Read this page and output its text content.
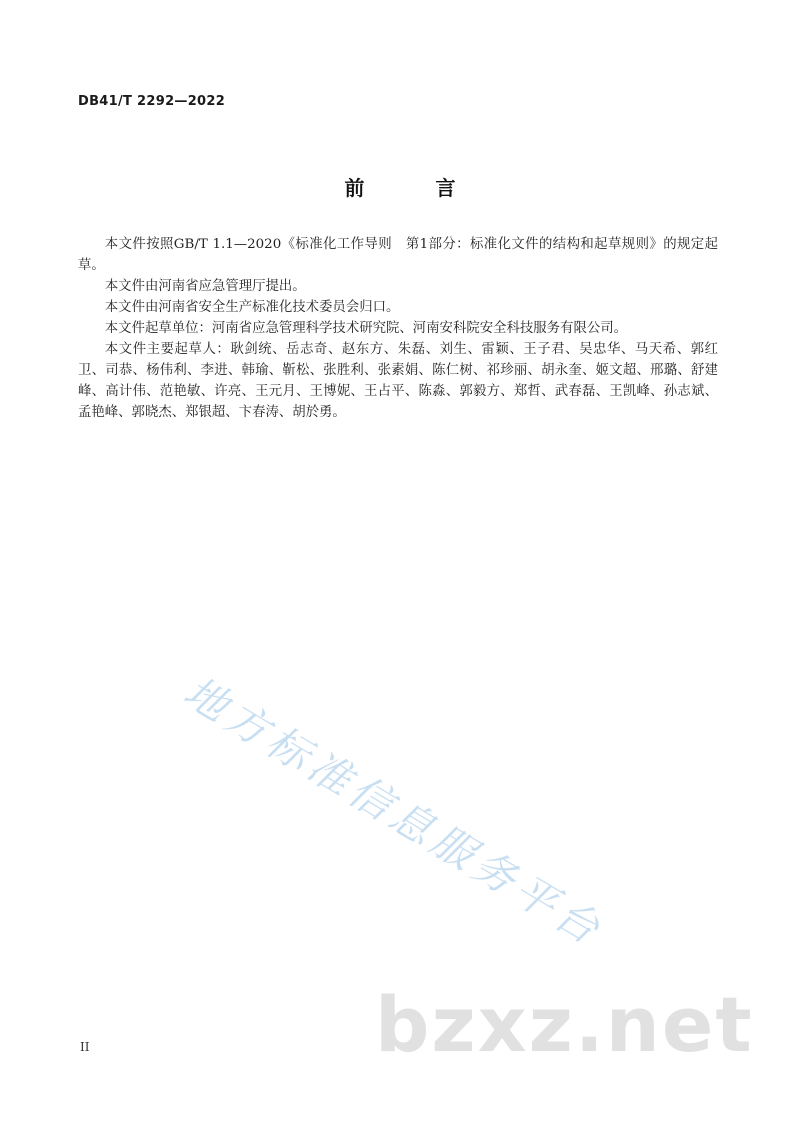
DB41/T 2292—2022
前 言

本文件按照GB/T 1.1—2020《标准化工作导则　第1部分：标准化文件的结构和起草规则》的规定起草。

本文件由河南省应急管理厅提出。

本文件由河南省安全生产标准化技术委员会归口。

本文件起草单位：河南省应急管理科学技术研究院、河南安科院安全科技服务有限公司。

本文件主要起草人：耿剑统、岳志奇、赵东方、朱磊、刘生、雷颖、王子君、吴忠华、马天希、郭红卫、司恭、杨伟利、李进、韩瑜、靳松、张胜利、张素娟、陈仁树、祁珍丽、胡永奎、姬文超、邢璐、舒建峰、高计伟、范艳敏、许亮、王元月、王博妮、王占平、陈淼、郭毅方、郑哲、武春磊、王凯峰、孙志斌、孟艳峰、郭晓杰、郑银超、卞春涛、胡於勇。

地方标准信息服务平台
bzxz.net
II
